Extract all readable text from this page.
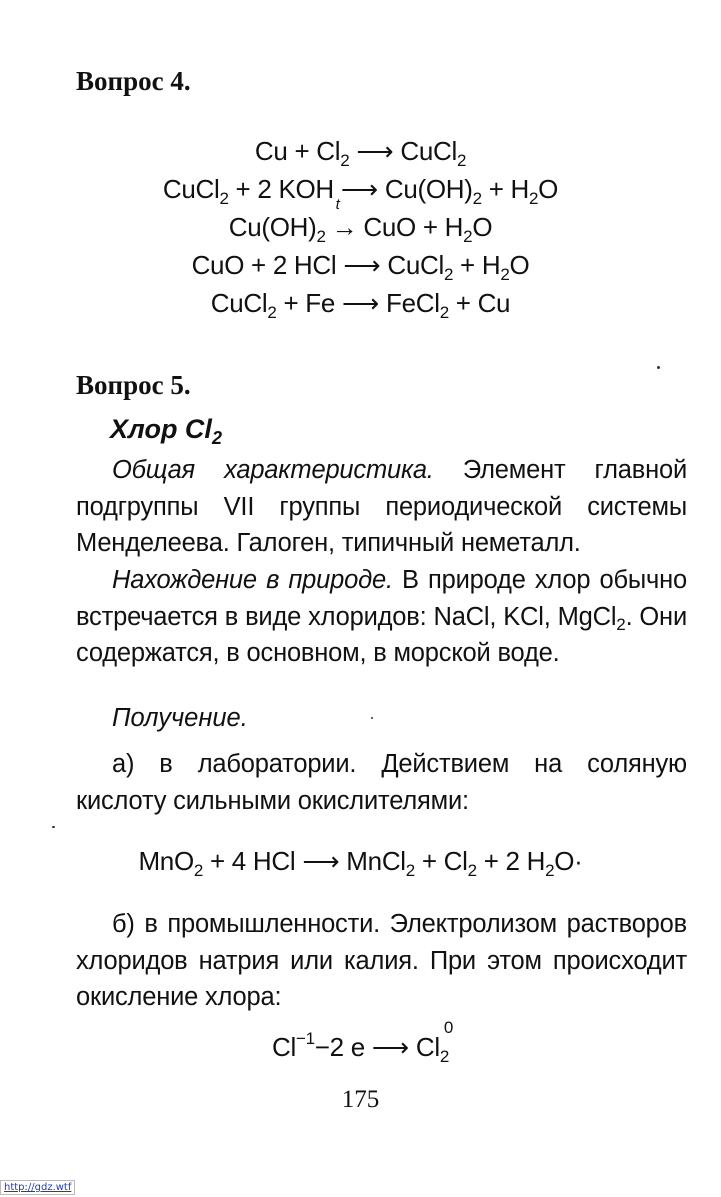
Вопрос 4.
$Cu + Cl_2$ ⟶ CuCl$_2$
CuCl$_2$ + 2 KOH ⟶ $Cu(OH)_2 + H_2O$
$Cu(OH)_2$
t
→ CuO + $H_2O$
CuO + 2 HCl ⟶ CuCl$_2$ + $H_2O$
CuCl$_2$ + Fe ⟶ FeCl$_2$ + Cu
Вопрос 5.
Хлор $Cl_2$

Общая характеристика. Элемент главной подгруппы VII группы периодической системы Менделеева. Галоген, типичный неметалл.

Нахождение в природе. В природе хлор обычно встречается в виде хлоридов: NaCl, KCl, MgCl$_2$. Они содержатся, в основном, в морской воде.

Получение.

а) в лаборатории. Действием на соляную кислоту сильными окислителями:

MnO$_2$ + 4 HCl ⟶ MnCl$_2$ + $Cl_2 + 2$ $H_2O\cdot$

б) в промышленности. Электролизом растворов хлоридов натрия или калия. При этом происходит окисление хлора:

$Cl^{-1}-2$ e ⟶ Cl
0
$_2$
175
http://gdz.wtf
